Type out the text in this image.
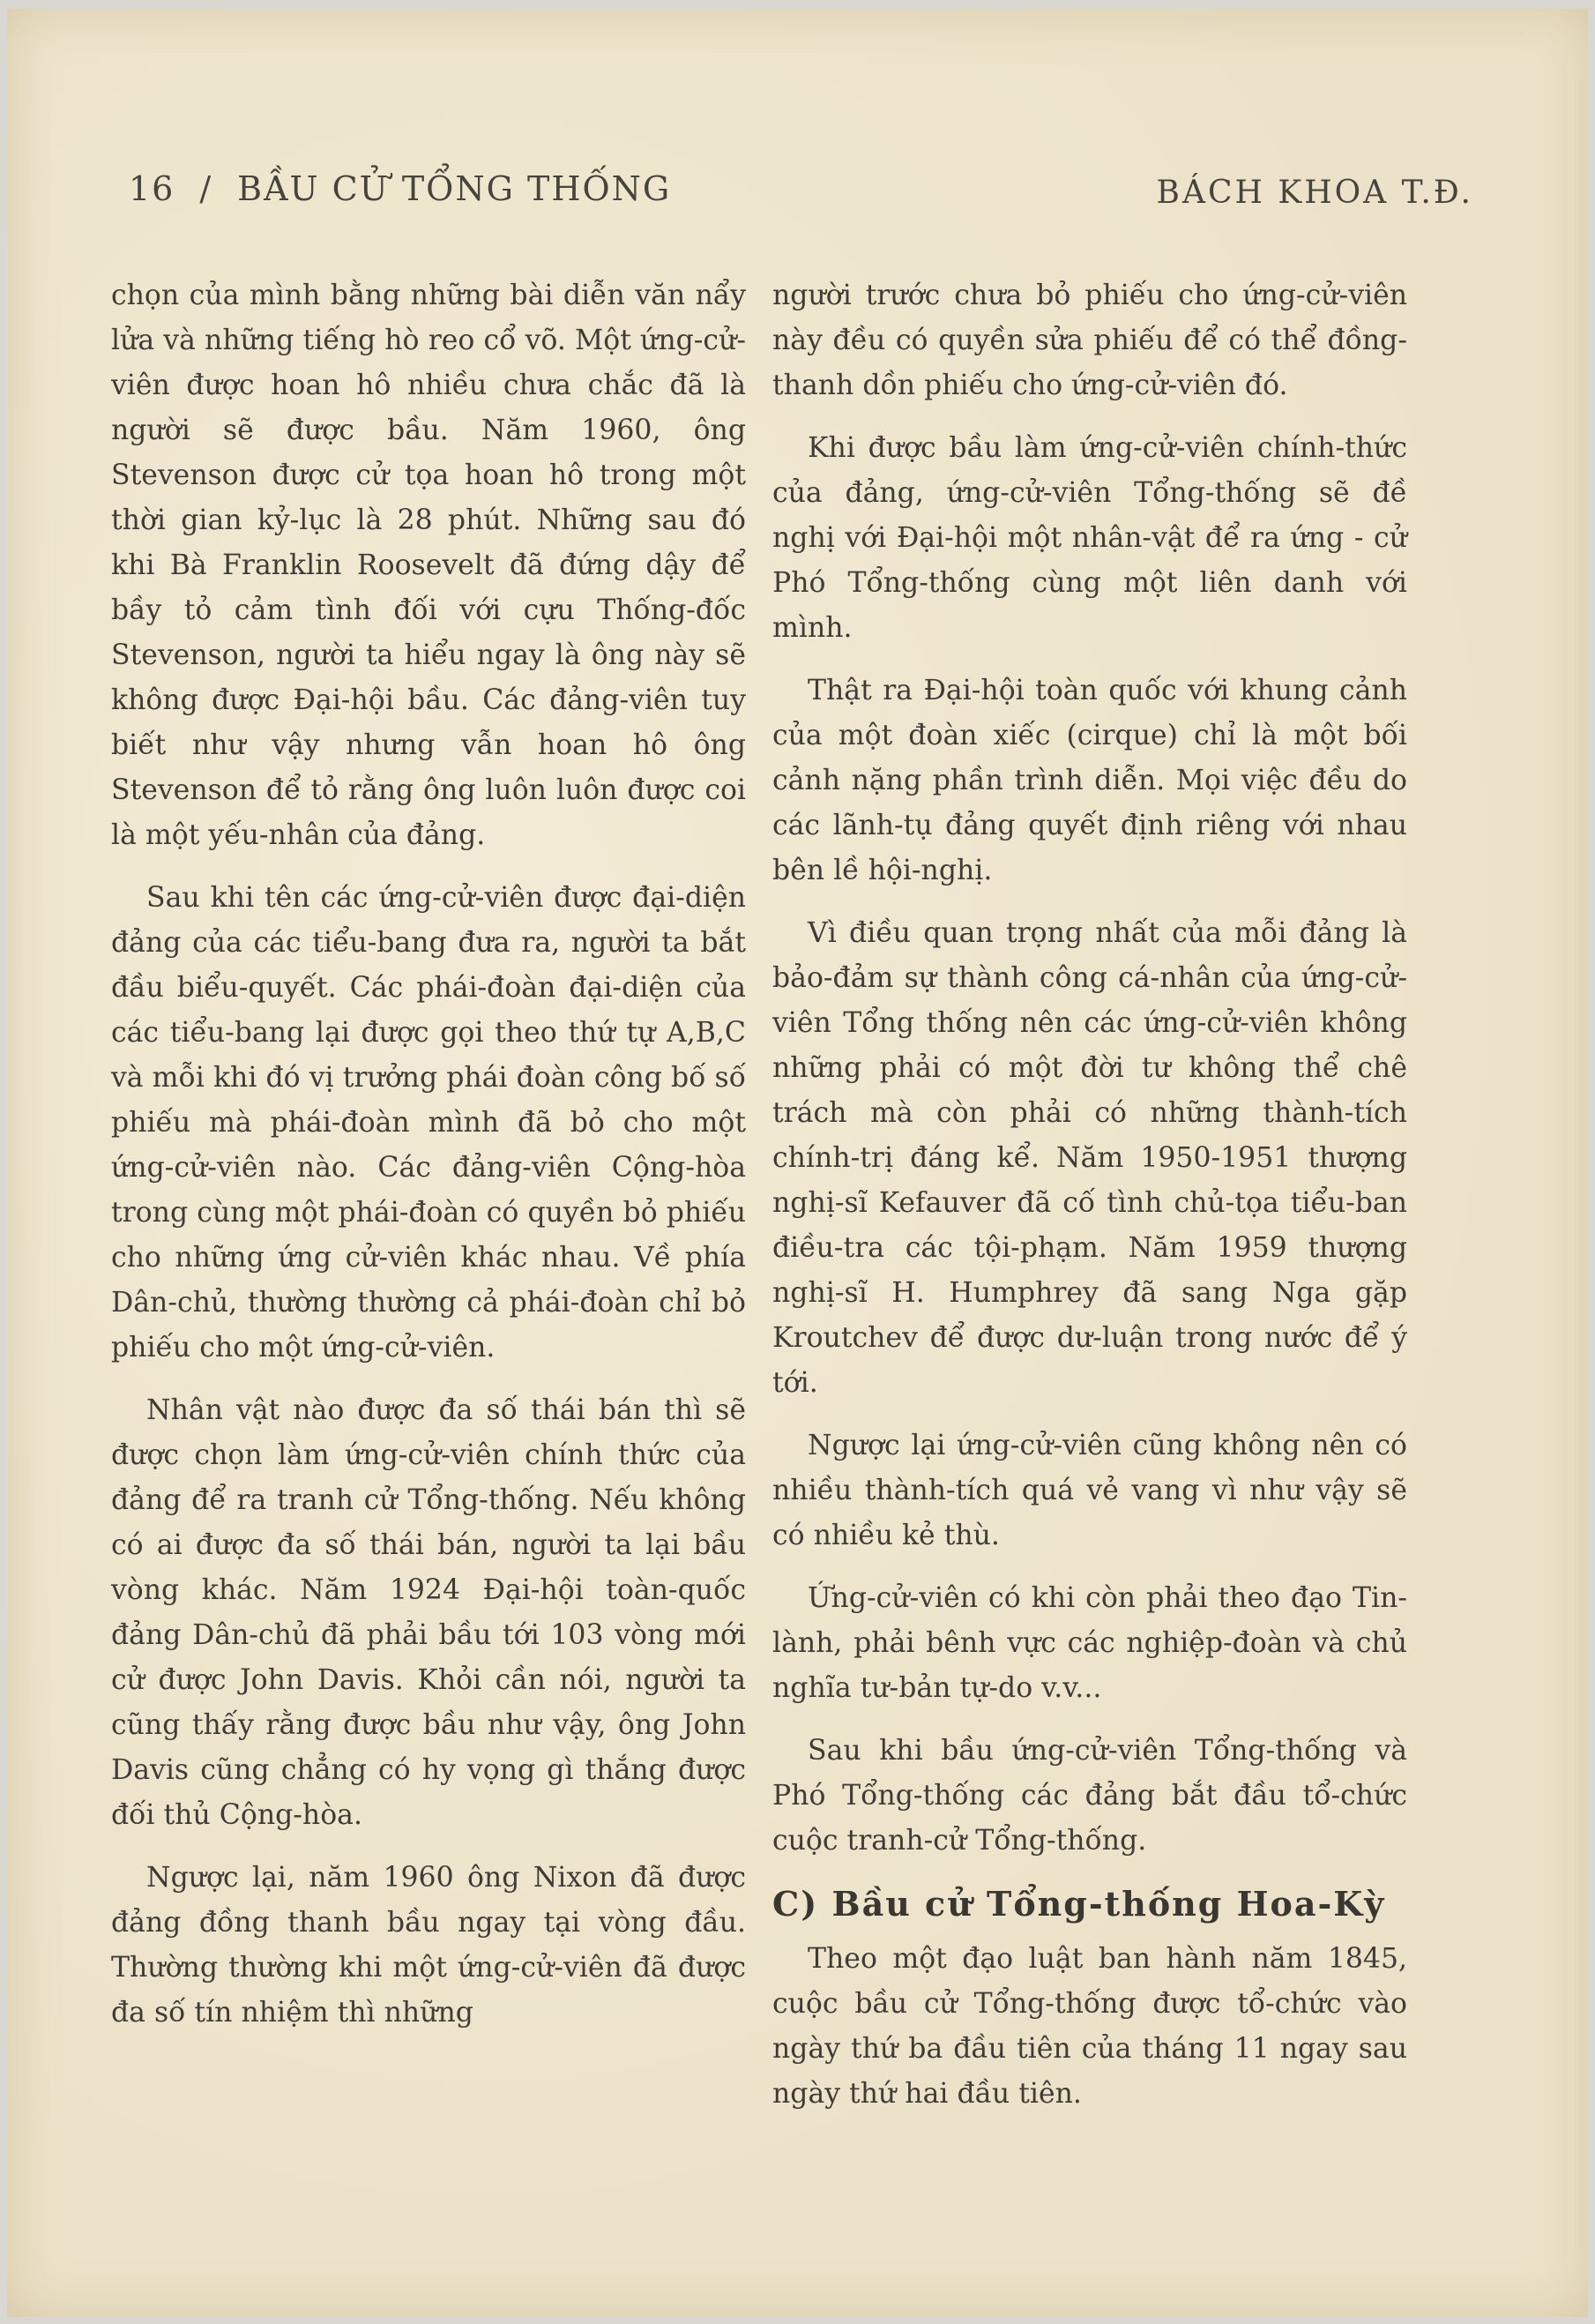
16 / BẦU CỬ TỔNG THỐNG	BÁCH KHOA T.Đ.

chọn của mình bằng những bài diễn văn nẩy lửa và những tiếng hò reo cổ võ. Một ứng-cử-viên được hoan hô nhiều chưa chắc đã là người sẽ được bầu. Năm 1960, ông Stevenson được cử tọa hoan hô trong một thời gian kỷ-lục là 28 phút. Những sau đó khi Bà Franklin Roosevelt đã đứng dậy để bầy tỏ cảm tình đối với cựu Thống-đốc Stevenson, người ta hiểu ngay là ông này sẽ không được Đại-hội bầu. Các đảng-viên tuy biết như vậy nhưng vẫn hoan hô ông Stevenson để tỏ rằng ông luôn luôn được coi là một yếu-nhân của đảng.

Sau khi tên các ứng-cử-viên được đại-diện đảng của các tiểu-bang đưa ra, người ta bắt đầu biểu-quyết. Các phái-đoàn đại-diện của các tiểu-bang lại được gọi theo thứ tự A,B,C và mỗi khi đó vị trưởng phái đoàn công bố số phiếu mà phái-đoàn mình đã bỏ cho một ứng-cử-viên nào. Các đảng-viên Cộng-hòa trong cùng một phái-đoàn có quyền bỏ phiếu cho những ứng cử-viên khác nhau. Về phía Dân-chủ, thường thường cả phái-đoàn chỉ bỏ phiếu cho một ứng-cử-viên.

Nhân vật nào được đa số thái bán thì sẽ được chọn làm ứng-cử-viên chính thức của đảng để ra tranh cử Tổng-thống. Nếu không có ai được đa số thái bán, người ta lại bầu vòng khác. Năm 1924 Đại-hội toàn-quốc đảng Dân-chủ đã phải bầu tới 103 vòng mới cử được John Davis. Khỏi cần nói, người ta cũng thấy rằng được bầu như vậy, ông John Davis cũng chẳng có hy vọng gì thắng được đối thủ Cộng-hòa.

Ngược lại, năm 1960 ông Nixon đã được đảng đồng thanh bầu ngay tại vòng đầu. Thường thường khi một ứng-cử-viên đã được đa số tín nhiệm thì những

người trước chưa bỏ phiếu cho ứng-cử-viên này đều có quyền sửa phiếu để có thể đồng-thanh dồn phiếu cho ứng-cử-viên đó.

Khi được bầu làm ứng-cử-viên chính-thức của đảng, ứng-cử-viên Tổng-thống sẽ đề nghị với Đại-hội một nhân-vật để ra ứng - cử Phó Tổng-thống cùng một liên danh với mình.

Thật ra Đại-hội toàn quốc với khung cảnh của một đoàn xiếc (cirque) chỉ là một bối cảnh nặng phần trình diễn. Mọi việc đều do các lãnh-tụ đảng quyết định riêng với nhau bên lề hội-nghị.

Vì điều quan trọng nhất của mỗi đảng là bảo-đảm sự thành công cá-nhân của ứng-cử-viên Tổng thống nên các ứng-cử-viên không những phải có một đời tư không thể chê trách mà còn phải có những thành-tích chính-trị đáng kể. Năm 1950-1951 thượng nghị-sĩ Kefauver đã cố tình chủ-tọa tiểu-ban điều-tra các tội-phạm. Năm 1959 thượng nghị-sĩ H. Humphrey đã sang Nga gặp Kroutchev để được dư-luận trong nước để ý tới.

Ngược lại ứng-cử-viên cũng không nên có nhiều thành-tích quá vẻ vang vì như vậy sẽ có nhiều kẻ thù.

Ứng-cử-viên có khi còn phải theo đạo Tin-lành, phải bênh vực các nghiệp-đoàn và chủ nghĩa tư-bản tự-do v.v...

Sau khi bầu ứng-cử-viên Tổng-thống và Phó Tổng-thống các đảng bắt đầu tổ-chức cuộc tranh-cử Tổng-thống.

C) Bầu cử Tổng-thống Hoa-Kỳ

Theo một đạo luật ban hành năm 1845, cuộc bầu cử Tổng-thống được tổ-chức vào ngày thứ ba đầu tiên của tháng 11 ngay sau ngày thứ hai đầu tiên.
